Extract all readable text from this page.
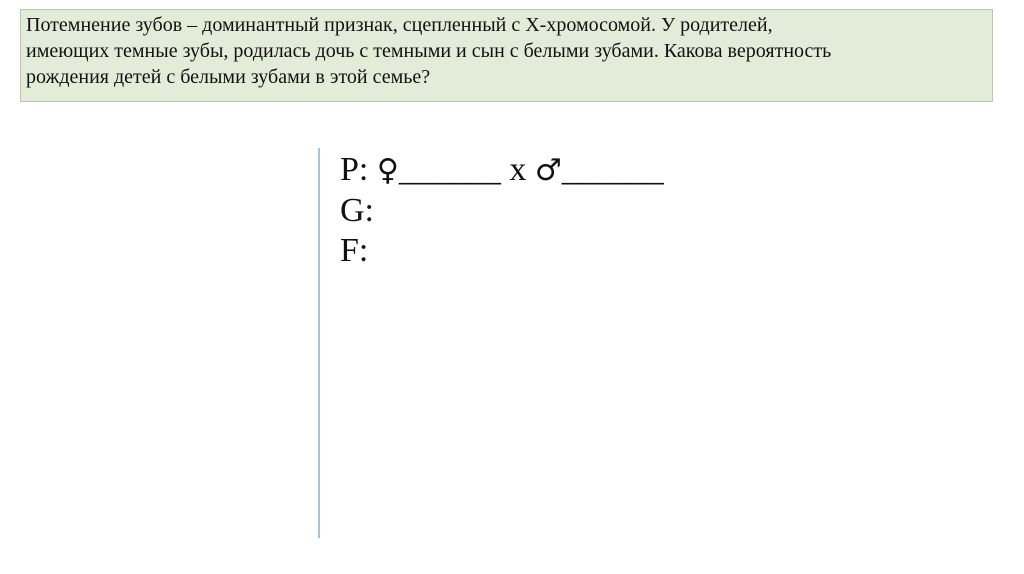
Потемнение зубов – доминантный признак, сцепленный с Х-хромосомой. У родителей,
имеющих темные зубы, родилась дочь с темными и сын с белыми зубами. Какова вероятность
рождения детей с белыми зубами в этой семье?

P: ♀______ х ♂______
G:
F:
